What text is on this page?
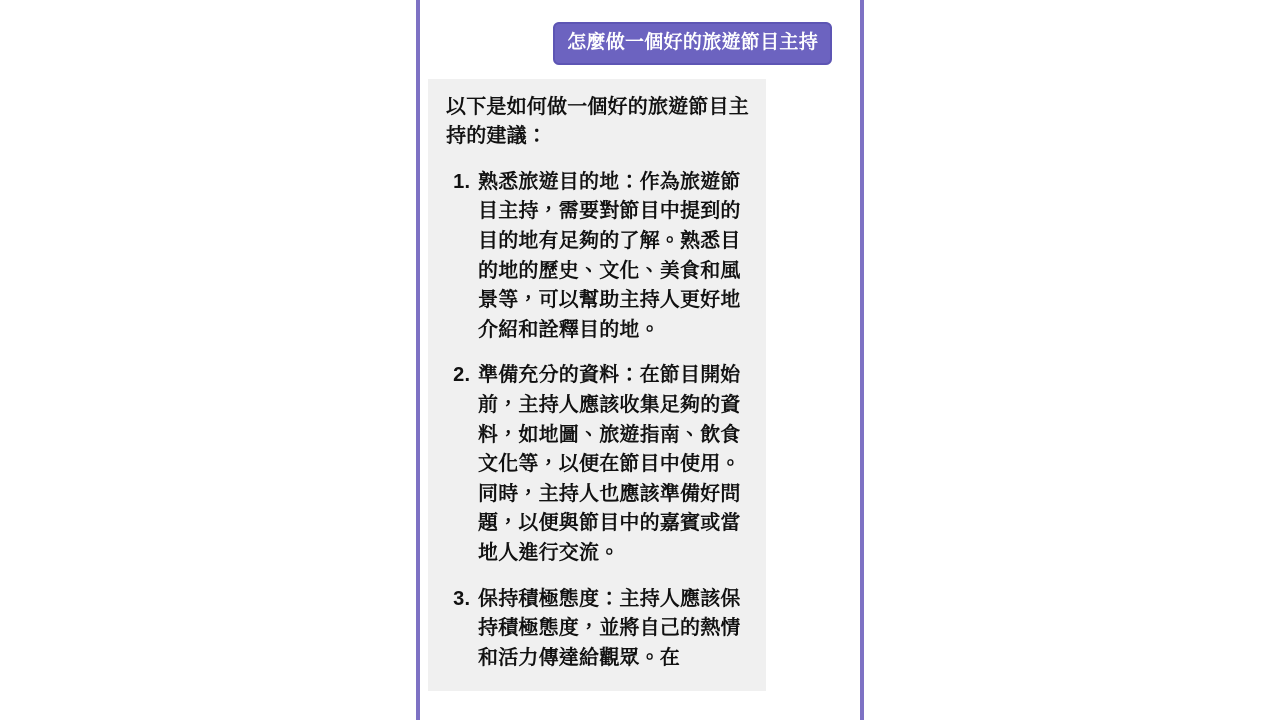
怎麼做一個好的旅遊節目主持

以下是如何做一個好的旅遊節目主持的建議：

1. 熟悉旅遊目的地：作為旅遊節目主持，需要對節目中提到的目的地有足夠的了解。熟悉目的地的歷史、文化、美食和風景等，可以幫助主持人更好地介紹和詮釋目的地。
2. 準備充分的資料：在節目開始前，主持人應該收集足夠的資料，如地圖、旅遊指南、飲食文化等，以便在節目中使用。同時，主持人也應該準備好問題，以便與節目中的嘉賓或當地人進行交流。
3. 保持積極態度：主持人應該保持積極態度，並將自己的熱情和活力傳達給觀眾。在
